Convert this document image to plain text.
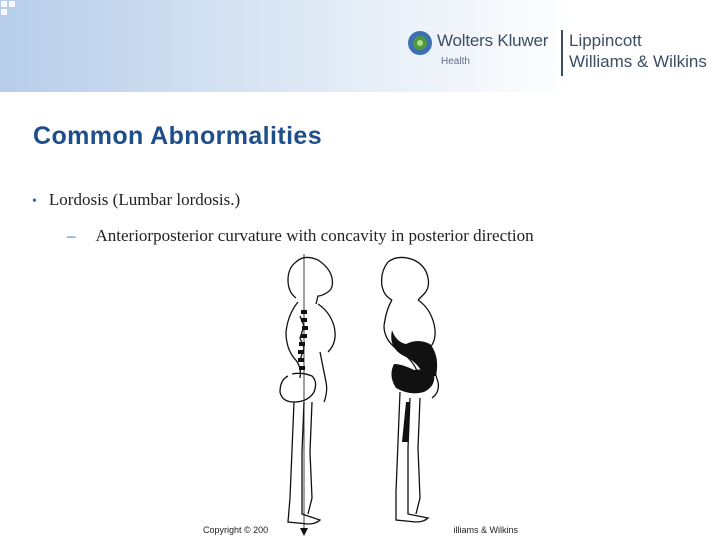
Wolters Kluwer
Health
Lippincott
Williams & Wilkins
Common Abnormalities
• Lordosis (Lumbar lordosis.)
– Anteriorposterior curvature with concavity in posterior direction
Copyright © 200	illiams & Wilkins
